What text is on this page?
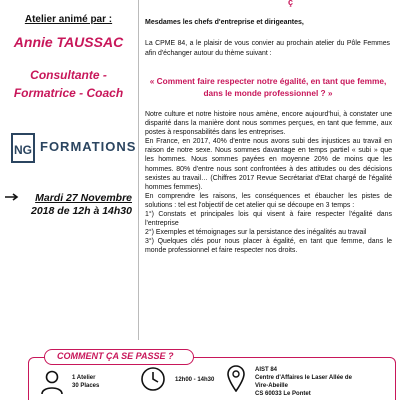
Atelier animé par :
Annie TAUSSAC
Consultante -
Formatrice - Coach
NG FORMATIONS
Mardi 27 Novembre
2018 de 12h à 14h30
ç
Mesdames les chefs d'entreprise et dirigeantes,
La CPME 84, a le plaisir de vous convier au prochain atelier du Pôle Femmes afin d'échanger autour du thème suivant :
« Comment faire respecter notre égalité, en tant que femme, dans le monde professionnel ? »

Notre culture et notre histoire nous amène, encore aujourd'hui, à constater une disparité dans la manière dont nous sommes perçues, en tant que femme, aux postes à responsabilités dans les entreprises.

En France, en 2017, 40% d'entre nous avons subi des injustices au travail en raison de notre sexe. Nous sommes davantage en temps partiel « subi » que les hommes. Nous sommes payées en moyenne 20% de moins que les hommes. 80% d'entre nous sont confrontées à des attitudes ou des décisions sexistes au travail… (Chiffres 2017 Revue Secrétariat d'Etat chargé de l'égalité hommes femmes).

En comprendre les raisons, les conséquences et ébaucher les pistes de solutions : tel est l'objectif de cet atelier qui se découpe en 3 temps :

1°) Constats et principales lois qui visent à faire respecter l'égalité dans l'entreprise

2°) Exemples et témoignages sur la persistance des inégalités au travail

3°) Quelques clés pour nous placer à égalité, en tant que femme, dans le monde professionnel et faire respecter nos droits.

COMMENT ÇA SE PASSE ?
1 Atelier
30 Places
12h00 - 14h30
AIST 84
Centre d'Affaires le Laser Allée de
Vire-Abeille
CS 60033 Le Pontet
